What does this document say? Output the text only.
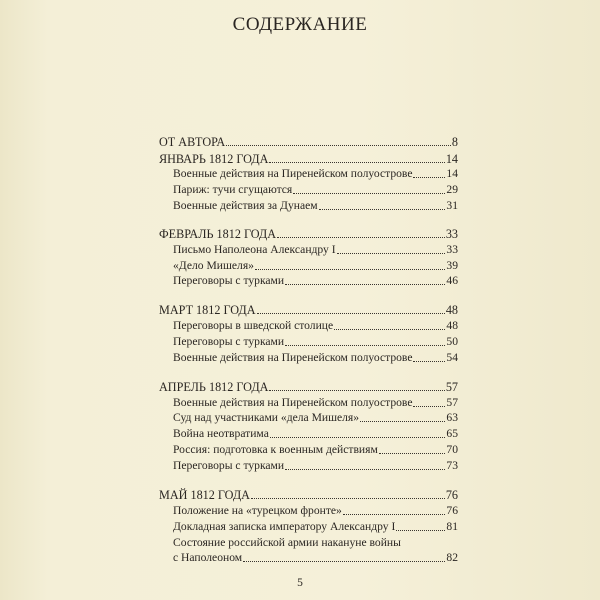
СОДЕРЖАНИЕ
ОТ АВТОРА	8
ЯНВАРЬ 1812 ГОДА	14
Военные действия на Пиренейском полуострове	14
Париж: тучи сгущаются	29
Военные действия за Дунаем	31
ФЕВРАЛЬ 1812 ГОДА	33
Письмо Наполеона Александру I	33
«Дело Мишеля»	39
Переговоры с турками	46
МАРТ 1812 ГОДА	48
Переговоры в шведской столице	48
Переговоры с турками	50
Военные действия на Пиренейском полуострове	54
АПРЕЛЬ 1812 ГОДА	57
Военные действия на Пиренейском полуострове	57
Суд над участниками «дела Мишеля»	63
Война неотвратима	65
Россия: подготовка к военным действиям	70
Переговоры с турками	73
МАЙ 1812 ГОДА	76
Положение на «турецком фронте»	76
Докладная записка императору Александру I	81
Состояние российской армии накануне войны
с Наполеоном	82
5
